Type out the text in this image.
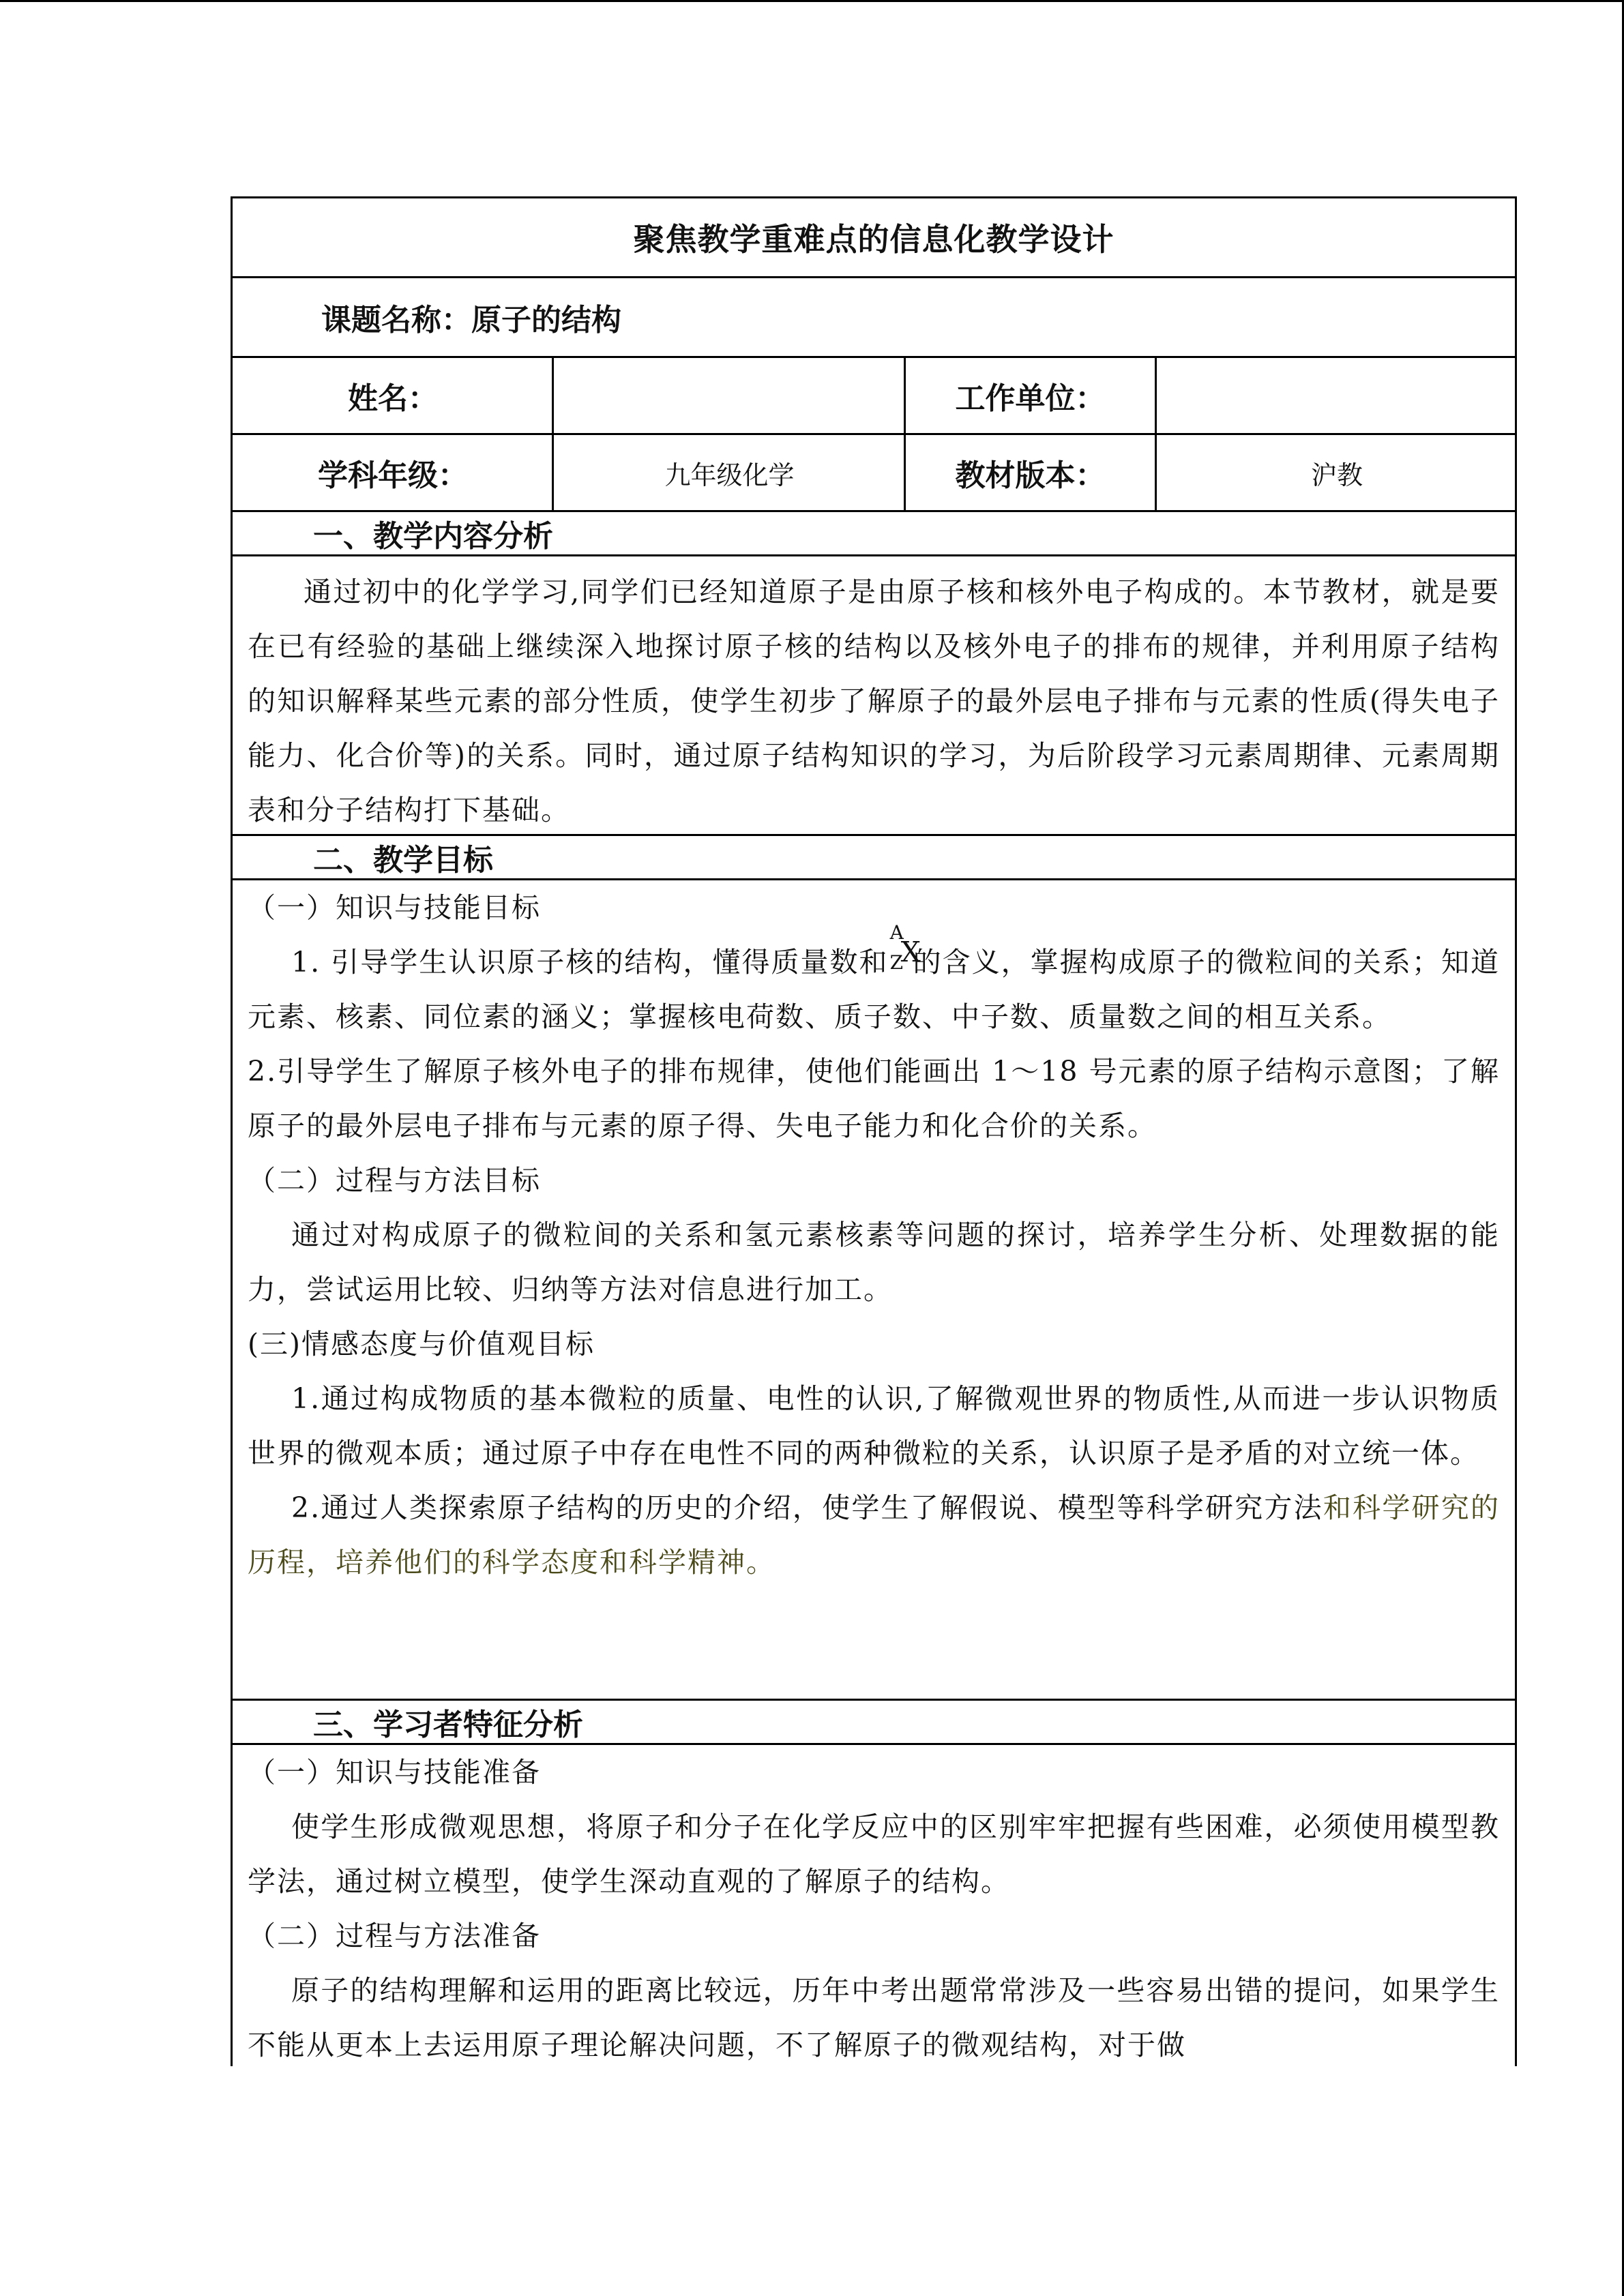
聚焦教学重难点的信息化教学设计
课题名称：原子的结构
姓名：	工作单位：
学科年级：	九年级化学	教材版本：	沪教
一、教学内容分析

通过初中的化学学习,同学们已经知道原子是由原子核和核外电子构成的。本节教材，就是要在已有经验的基础上继续深入地探讨原子核的结构以及核外电子的排布的规律，并利用原子结构的知识解释某些元素的部分性质，使学生初步了解原子的最外层电子排布与元素的性质(得失电子能力、化合价等)的关系。同时，通过原子结构知识的学习，为后阶段学习元素周期律、元素周期表和分子结构打下基础。

二、教学目标

（一）知识与技能目标

1. 引导学生认识原子核的结构，懂得质量数和
A
Z
X
的含义，掌握构成原子的微粒间的关系；知道元素、核素、同位素的涵义；掌握核电荷数、质子数、中子数、质量数之间的相互关系。

2.引导学生了解原子核外电子的排布规律，使他们能画出 1～18 号元素的原子结构示意图；了解原子的最外层电子排布与元素的原子得、失电子能力和化合价的关系。

（二）过程与方法目标

通过对构成原子的微粒间的关系和氢元素核素等问题的探讨，培养学生分析、处理数据的能力，尝试运用比较、归纳等方法对信息进行加工。

(三)情感态度与价值观目标

1.通过构成物质的基本微粒的质量、电性的认识,了解微观世界的物质性,从而进一步认识物质世界的微观本质；通过原子中存在电性不同的两种微粒的关系，认识原子是矛盾的对立统一体。

2.通过人类探索原子结构的历史的介绍，使学生了解假说、模型等科学研究方法和科学研究的历程，培养他们的科学态度和科学精神。

三、学习者特征分析

（一）知识与技能准备

使学生形成微观思想，将原子和分子在化学反应中的区别牢牢把握有些困难，必须使用模型教学法，通过树立模型，使学生深动直观的了解原子的结构。

（二）过程与方法准备

原子的结构理解和运用的距离比较远，历年中考出题常常涉及一些容易出错的提问，如果学生不能从更本上去运用原子理论解决问题，不了解原子的微观结构，对于做
